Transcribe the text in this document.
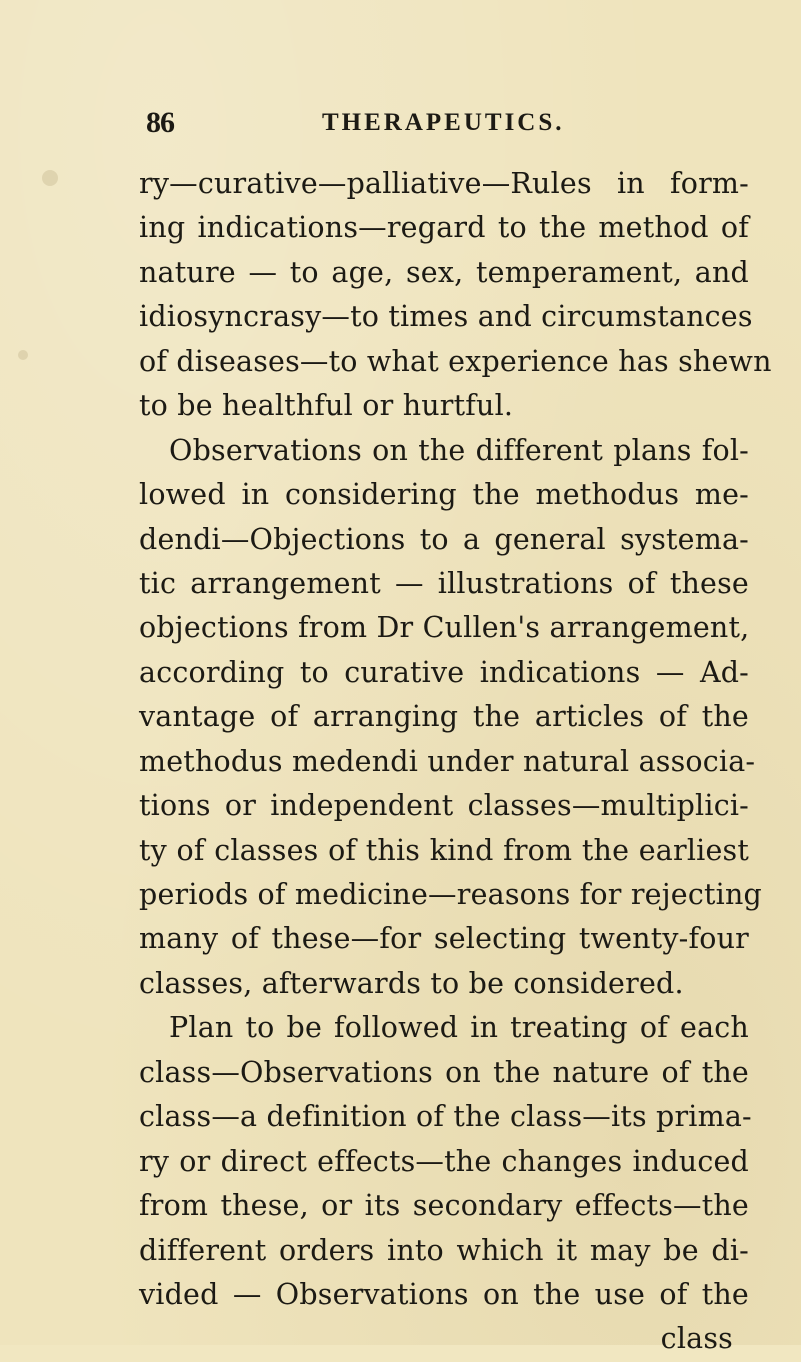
86	THERAPEUTICS.
ry—curative—palliative—Rules in form-
ing indications—regard to the method of
nature — to age, sex, temperament, and
idiosyncrasy—to times and circumstances
of diseases—to what experience has shewn
to be healthful or hurtful.
Observations on the different plans fol-
lowed in considering the methodus me-
dendi—Objections to a general systema-
tic arrangement — illustrations of these
objections from Dr Cullen's arrangement,
according to curative indications — Ad-
vantage of arranging the articles of the
methodus medendi under natural associa-
tions or independent classes—multiplici-
ty of classes of this kind from the earliest
periods of medicine—reasons for rejecting
many of these—for selecting twenty-four
classes, afterwards to be considered.
Plan to be followed in treating of each
class—Observations on the nature of the
class—a definition of the class—its prima-
ry or direct effects—the changes induced
from these, or its secondary effects—the
different orders into which it may be di-
vided — Observations on the use of the
class
